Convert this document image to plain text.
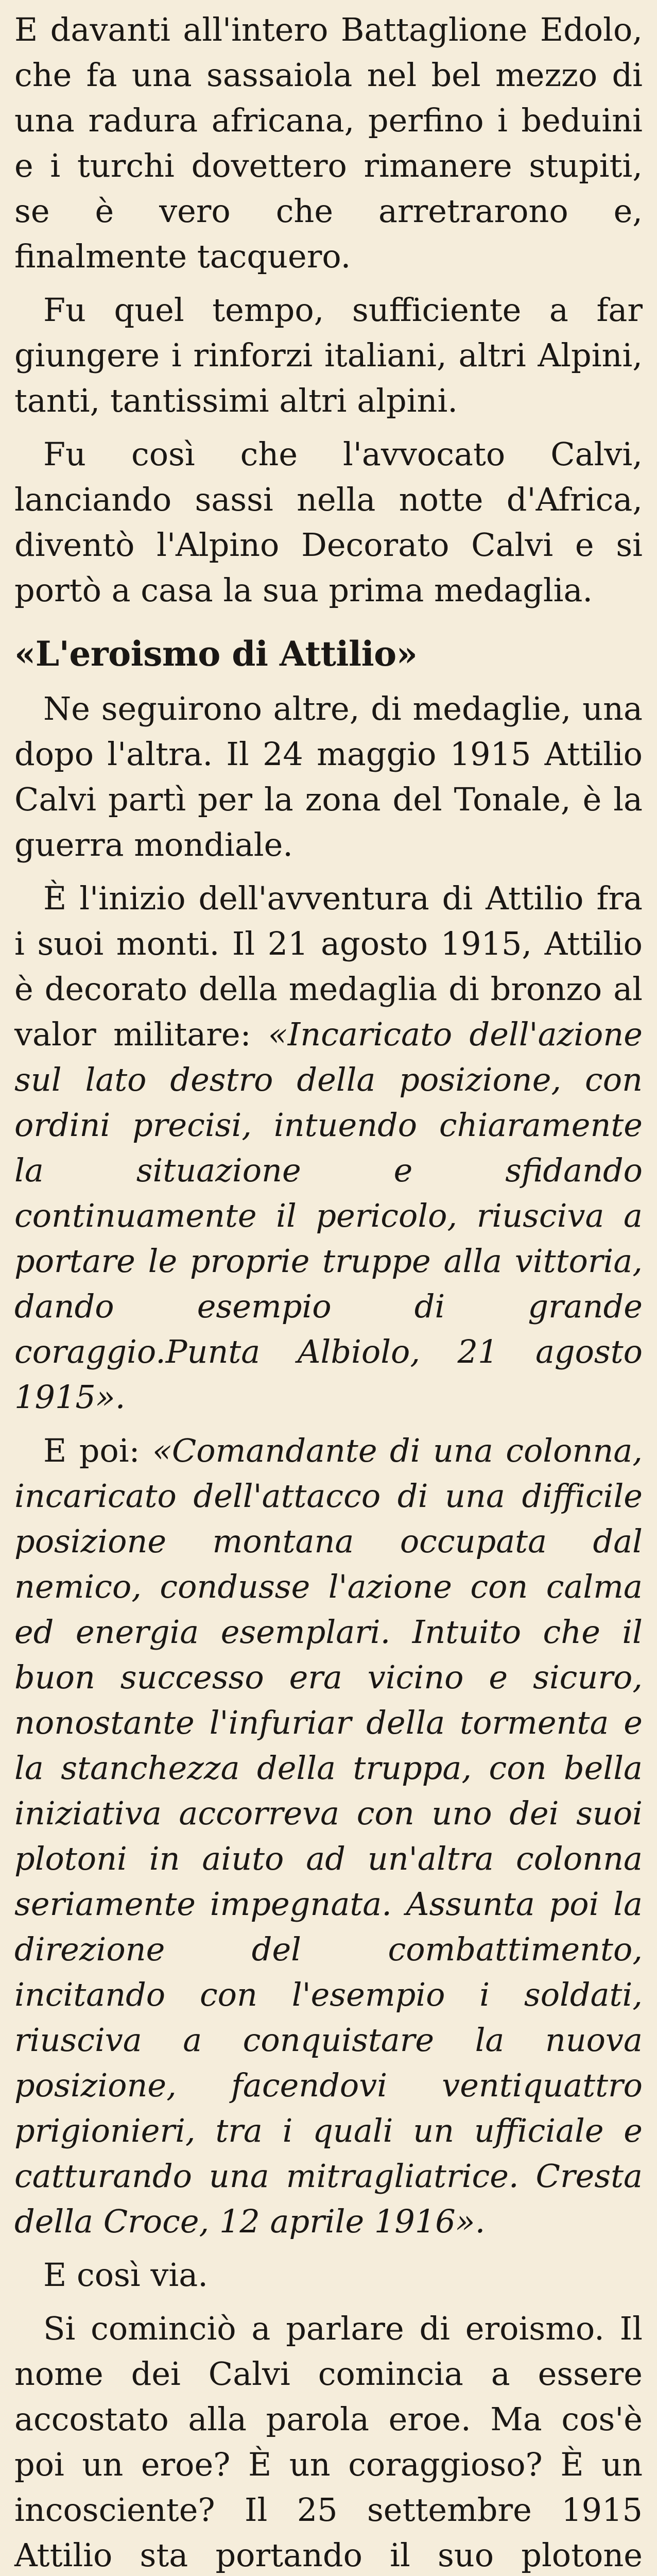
E davanti all'intero Battaglione Edolo, che fa una sassaiola nel bel mezzo di una radura africana, perfino i beduini e i turchi dovettero rimanere stupiti, se è vero che arretrarono e, finalmente tacquero.

Fu quel tempo, sufficiente a far giungere i rinforzi italiani, altri Alpini, tanti, tantissimi altri alpini.

Fu così che l'avvocato Calvi, lanciando sassi nella notte d'Africa, diventò l'Alpino Decorato Calvi e si portò a casa la sua prima medaglia.

«L'eroismo di Attilio»

Ne seguirono altre, di medaglie, una dopo l'altra. Il 24 maggio 1915 Attilio Calvi partì per la zona del Tonale, è la guerra mondiale.

È l'inizio dell'avventura di Attilio fra i suoi monti. Il 21 agosto 1915, Attilio è decorato della medaglia di bronzo al valor militare: «Incaricato dell'azione sul lato destro della posizione, con ordini precisi, intuendo chiaramente la situazione e sfidando continuamente il pericolo, riusciva a portare le proprie truppe alla vittoria, dando esempio di grande coraggio.Punta Albiolo, 21 agosto 1915».

E poi: «Comandante di una colonna, incaricato dell'attacco di una difficile posizione montana occupata dal nemico, condusse l'azione con calma ed energia esemplari. Intuito che il buon successo era vicino e sicuro, nonostante l'infuriar della tormenta e la stanchezza della truppa, con bella iniziativa accorreva con uno dei suoi plotoni in aiuto ad un'altra colonna seriamente impegnata. Assunta poi la direzione del combattimento, incitando con l'esempio i soldati, riusciva a conquistare la nuova posizione, facendovi ventiquattro prigionieri, tra i quali un ufficiale e catturando una mitragliatrice. Cresta della Croce, 12 aprile 1916».

E così via.

Si cominciò a parlare di eroismo. Il nome dei Calvi comincia a essere accostato alla parola eroe. Ma cos'è poi un eroe? È un coraggioso? È un incosciente? Il 25 settembre 1915 Attilio sta portando il suo plotone
